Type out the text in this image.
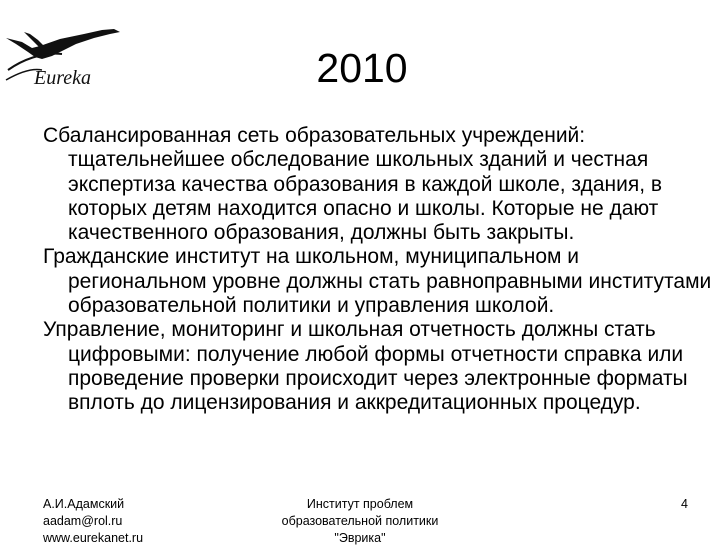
Eureka	2010

Сбалансированная сеть образовательных учреждений: тщательнейшее обследование школьных зданий и честная экспертиза качества образования в каждой школе, здания, в которых детям находится опасно и школы. Которые не дают качественного образования, должны быть закрыты.

Гражданские институт на школьном, муниципальном и региональном уровне должны стать равноправными институтами образовательной политики и управления школой.

Управление, мониторинг и школьная отчетность должны стать цифровыми: получение любой формы отчетности справка или проведение проверки происходит через электронные форматы вплоть до лицензирования и аккредитационных процедур.

А.И.Адамский
aadam@rol.ru
www.eurekanet.ru
Институт проблем
образовательной политики
"Эврика"
4
